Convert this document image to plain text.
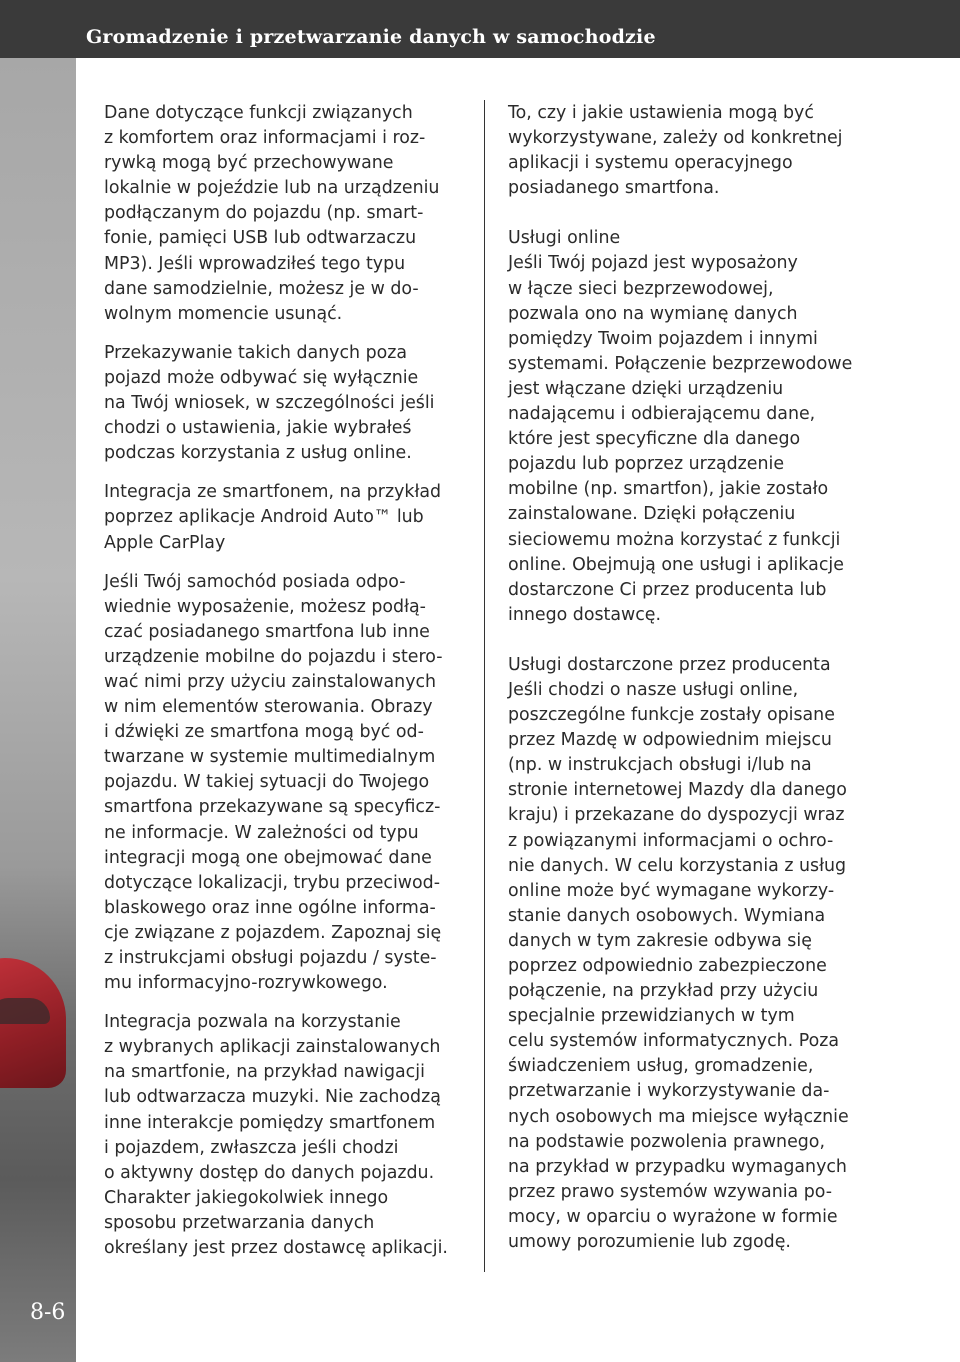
Gromadzenie i przetwarzanie danych w samochodzie
8-6
Dane dotyczące funkcji związanych
z komfortem oraz informacjami i roz-
rywką mogą być przechowywane
lokalnie w pojeździe lub na urządzeniu
podłączanym do pojazdu (np. smart-
fonie, pamięci USB lub odtwarzaczu
MP3). Jeśli wprowadziłeś tego typu
dane samodzielnie, możesz je w do-
wolnym momencie usunąć.
Przekazywanie takich danych poza
pojazd może odbywać się wyłącznie
na Twój wniosek, w szczególności jeśli
chodzi o ustawienia, jakie wybrałeś
podczas korzystania z usług online.
Integracja ze smartfonem, na przykład
poprzez aplikacje Android Auto™ lub
Apple CarPlay
Jeśli Twój samochód posiada odpo-
wiednie wyposażenie, możesz podłą-
czać posiadanego smartfona lub inne
urządzenie mobilne do pojazdu i stero-
wać nimi przy użyciu zainstalowanych
w nim elementów sterowania. Obrazy
i dźwięki ze smartfona mogą być od-
twarzane w systemie multimedialnym
pojazdu. W takiej sytuacji do Twojego
smartfona przekazywane są specyficz-
ne informacje. W zależności od typu
integracji mogą one obejmować dane
dotyczące lokalizacji, trybu przeciwod-
blaskowego oraz inne ogólne informa-
cje związane z pojazdem. Zapoznaj się
z instrukcjami obsługi pojazdu / syste-
mu informacyjno-rozrywkowego.
Integracja pozwala na korzystanie
z wybranych aplikacji zainstalowanych
na smartfonie, na przykład nawigacji
lub odtwarzacza muzyki. Nie zachodzą
inne interakcje pomiędzy smartfonem
i pojazdem, zwłaszcza jeśli chodzi
o aktywny dostęp do danych pojazdu.
Charakter jakiegokolwiek innego
sposobu przetwarzania danych
określany jest przez dostawcę aplikacji.
To, czy i jakie ustawienia mogą być
wykorzystywane, zależy od konkretnej
aplikacji i systemu operacyjnego
posiadanego smartfona.
Usługi online
Jeśli Twój pojazd jest wyposażony
w łącze sieci bezprzewodowej,
pozwala ono na wymianę danych
pomiędzy Twoim pojazdem i innymi
systemami. Połączenie bezprzewodowe
jest włączane dzięki urządzeniu
nadającemu i odbierającemu dane,
które jest specyficzne dla danego
pojazdu lub poprzez urządzenie
mobilne (np. smartfon), jakie zostało
zainstalowane. Dzięki połączeniu
sieciowemu można korzystać z funkcji
online. Obejmują one usługi i aplikacje
dostarczone Ci przez producenta lub
innego dostawcę.
Usługi dostarczone przez producenta
Jeśli chodzi o nasze usługi online,
poszczególne funkcje zostały opisane
przez Mazdę w odpowiednim miejscu
(np. w instrukcjach obsługi i/lub na
stronie internetowej Mazdy dla danego
kraju) i przekazane do dyspozycji wraz
z powiązanymi informacjami o ochro-
nie danych. W celu korzystania z usług
online może być wymagane wykorzy-
stanie danych osobowych. Wymiana
danych w tym zakresie odbywa się
poprzez odpowiednio zabezpieczone
połączenie, na przykład przy użyciu
specjalnie przewidzianych w tym
celu systemów informatycznych. Poza
świadczeniem usług, gromadzenie,
przetwarzanie i wykorzystywanie da-
nych osobowych ma miejsce wyłącznie
na podstawie pozwolenia prawnego,
na przykład w przypadku wymaganych
przez prawo systemów wzywania po-
mocy, w oparciu o wyrażone w formie
umowy porozumienie lub zgodę.
